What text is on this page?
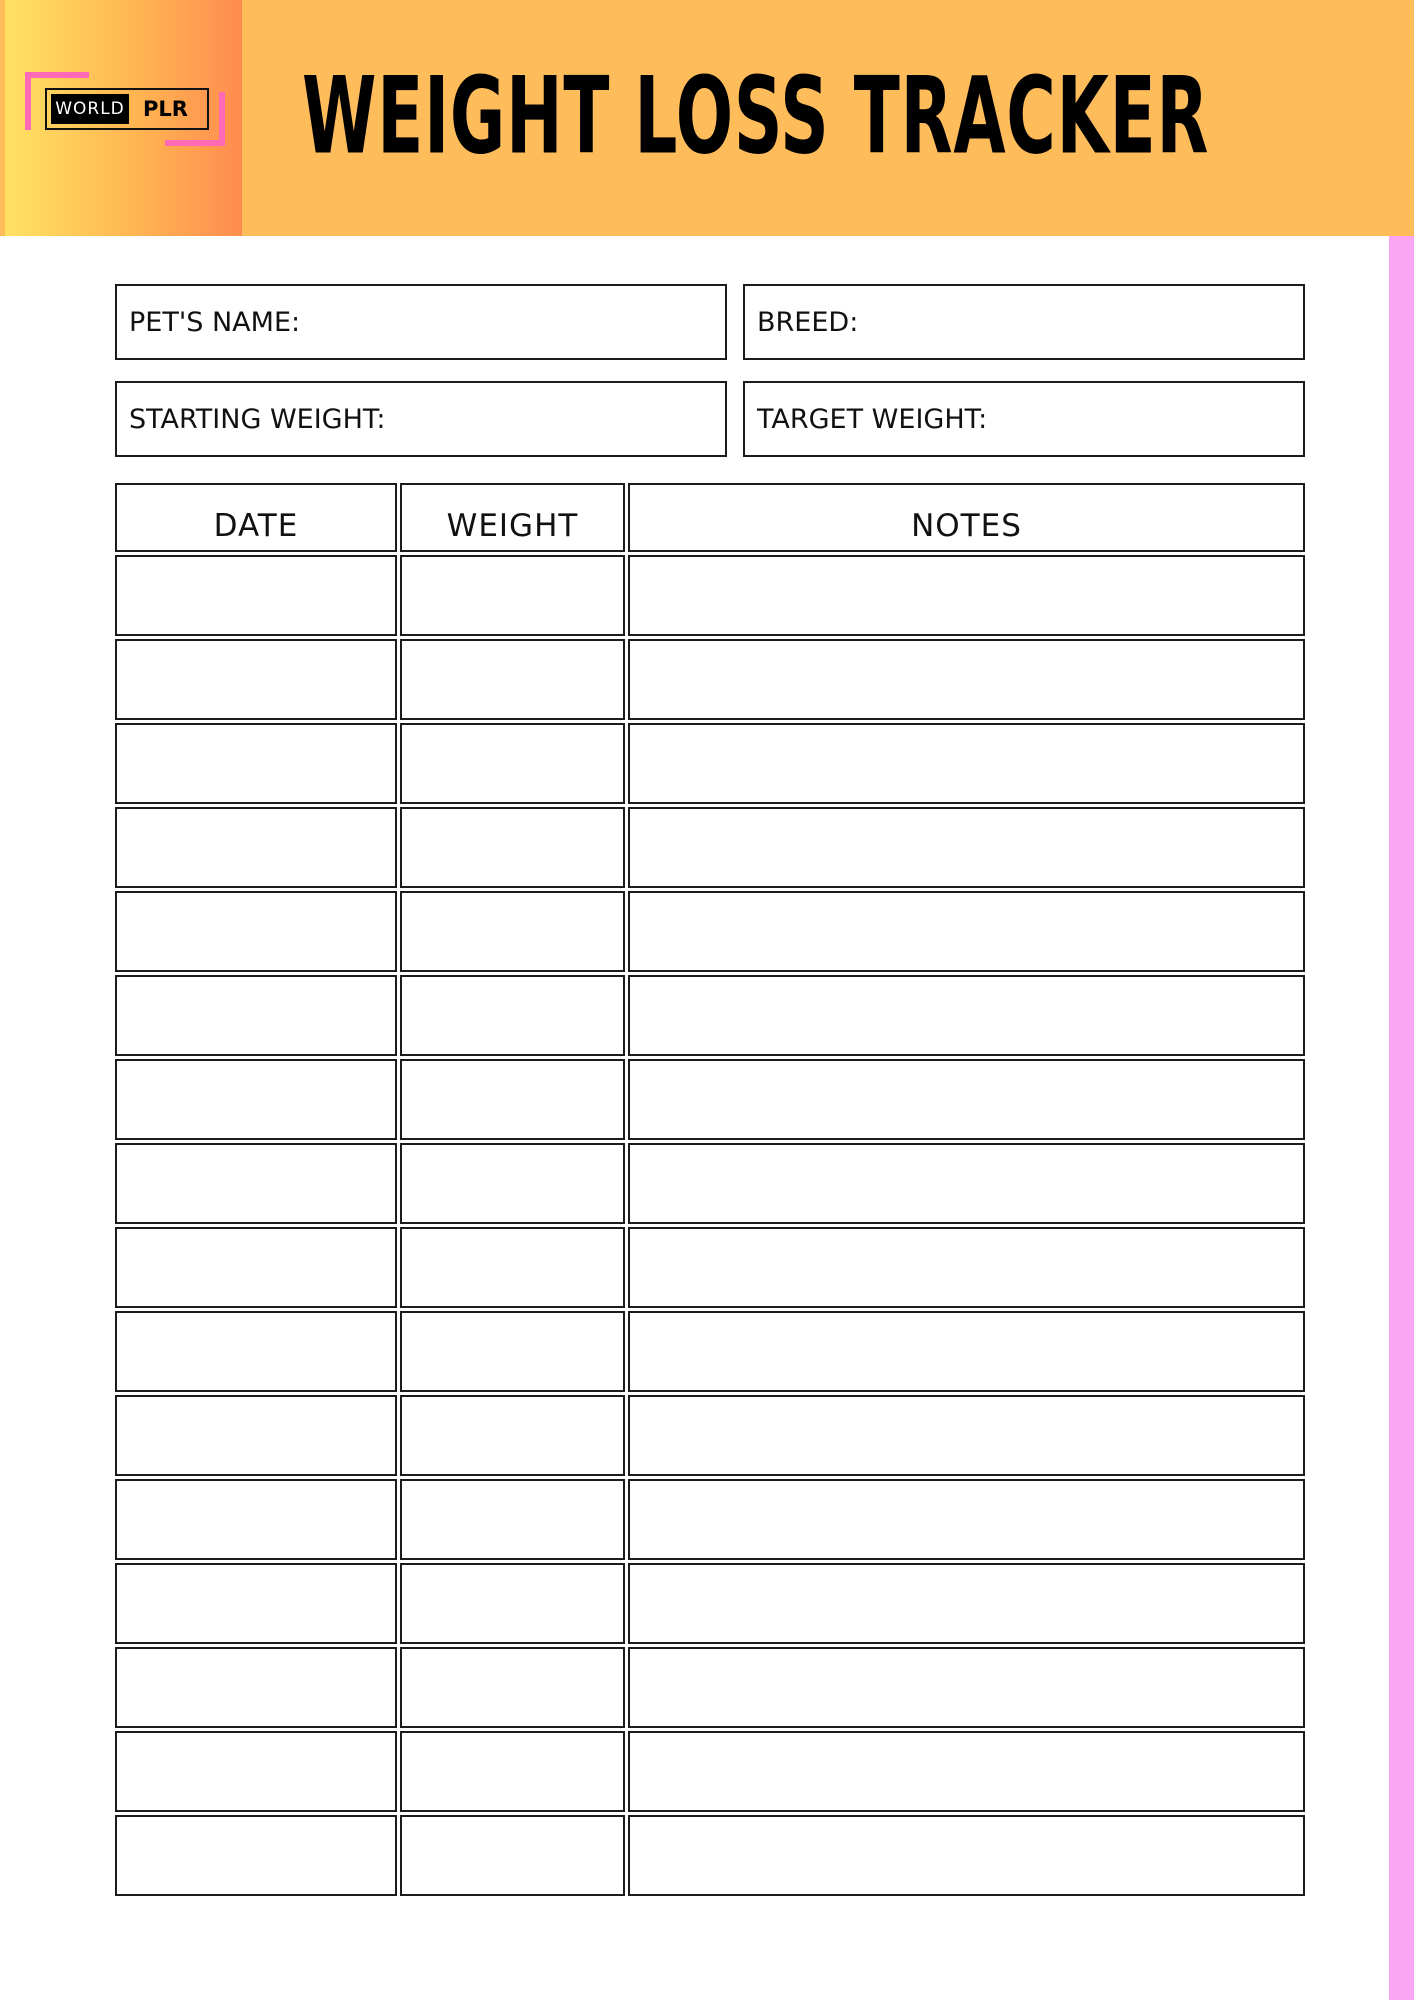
WORLD PLR WEIGHT LOSS TRACKER
PET'S NAME:	BREED:
STARTING WEIGHT:	TARGET WEIGHT:
DATE	WEIGHT	NOTES
